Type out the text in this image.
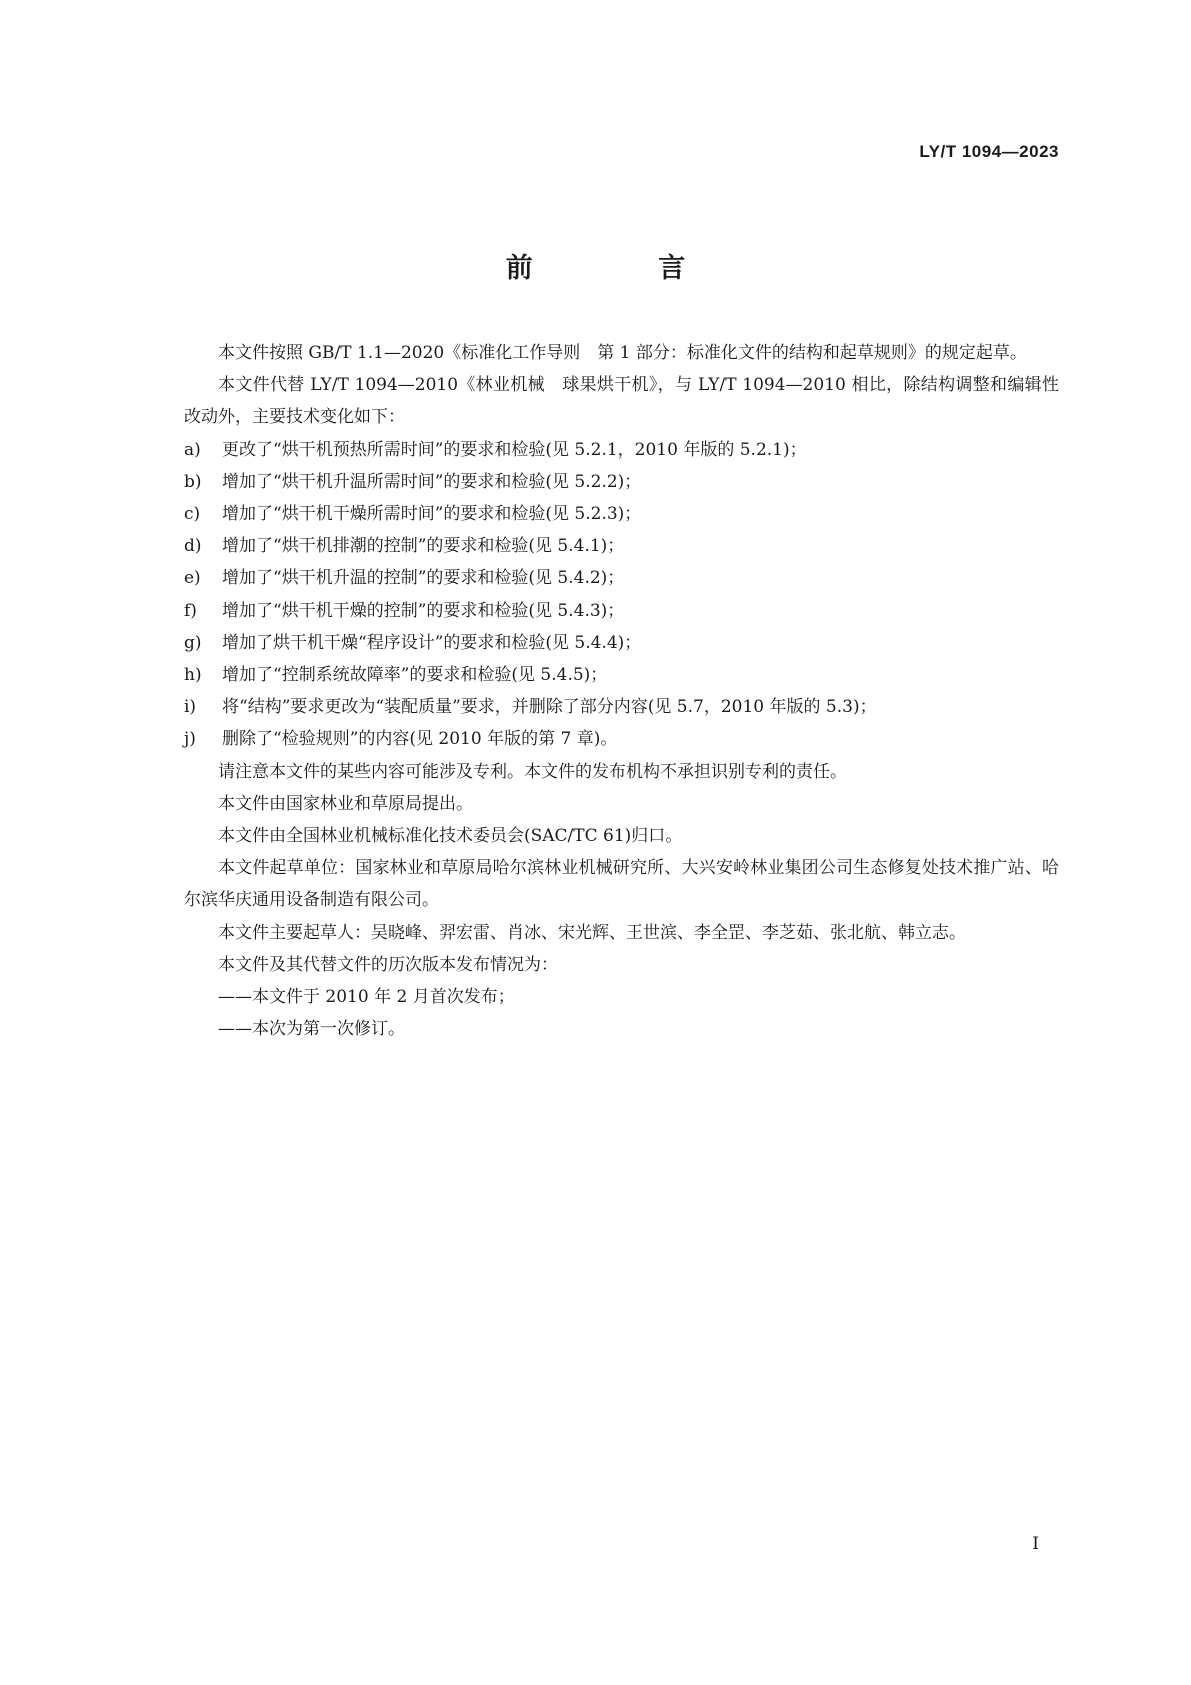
LY/T 1094—2023
前 言

本文件按照 GB/T 1.1—2020《标准化工作导则　第 1 部分：标准化文件的结构和起草规则》的规定起草。

本文件代替 LY/T 1094—2010《林业机械　球果烘干机》，与 LY/T 1094—2010 相比，除结构调整和编辑性改动外，主要技术变化如下：

a)	更改了“烘干机预热所需时间”的要求和检验(见 5.2.1，2010 年版的 5.2.1)；
b)	增加了“烘干机升温所需时间”的要求和检验(见 5.2.2)；
c)	增加了“烘干机干燥所需时间”的要求和检验(见 5.2.3)；
d)	增加了“烘干机排潮的控制”的要求和检验(见 5.4.1)；
e)	增加了“烘干机升温的控制”的要求和检验(见 5.4.2)；
f)	增加了“烘干机干燥的控制”的要求和检验(见 5.4.3)；
g)	增加了烘干机干燥“程序设计”的要求和检验(见 5.4.4)；
h)	增加了“控制系统故障率”的要求和检验(见 5.4.5)；
i)	将“结构”要求更改为“装配质量”要求，并删除了部分内容(见 5.7，2010 年版的 5.3)；
j)	删除了“检验规则”的内容(见 2010 年版的第 7 章)。

请注意本文件的某些内容可能涉及专利。本文件的发布机构不承担识别专利的责任。

本文件由国家林业和草原局提出。

本文件由全国林业机械标准化技术委员会(SAC/TC 61)归口。

本文件起草单位：国家林业和草原局哈尔滨林业机械研究所、大兴安岭林业集团公司生态修复处技术推广站、哈尔滨华庆通用设备制造有限公司。

本文件主要起草人：吴晓峰、羿宏雷、肖冰、宋光辉、王世滨、李全罡、李芝茹、张北航、韩立志。

本文件及其代替文件的历次版本发布情况为：

——本文件于 2010 年 2 月首次发布；

——本次为第一次修订。

Ⅰ
